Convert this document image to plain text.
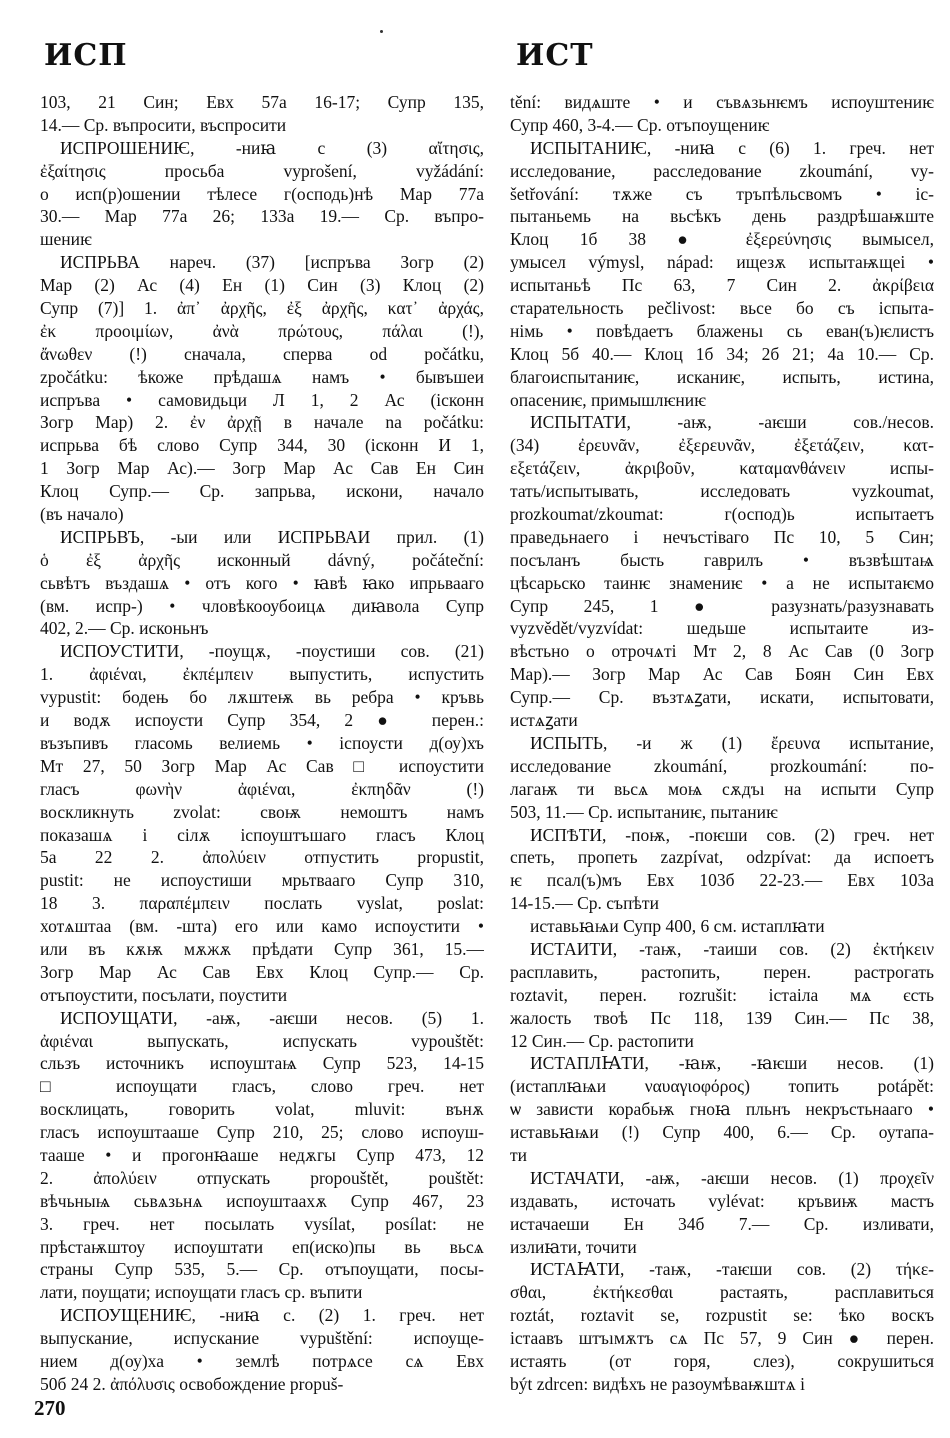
ИСП	ИСТ
103, 21 Син; Евх 57а 16-17; Супр 135,
14.— Ср. въпросити, въспросити
ИСПРОШЕНИѤ, -ниꙗ с (3) αἴτησις,
ἐξαίτησις просьба vyprošení, vyžádání:
о исп(р)ошении тѣлесе г(осподь)нѣ Мар 77а
30.— Мар 77а 26; 133а 19.— Ср. въпро-
шениѥ
ИСПРЬВА нареч. (37) [испръва Зогр (2)
Мар (2) Ас (4) Ен (1) Син (3) Клоц (2)
Супр (7)] 1. ἀπ᾽ ἀρχῆς, ἐξ ἀρχῆς, κατ᾽ ἀρχάς,
ἐκ προοιμίων, ἀνὰ πρώτους, πάλαι (!),
ἄνωθεν (!) сначала, сперва od počátku,
zpočátku: ѣкоже прѣдашѧ намъ • бывъшеи
испръва • самовидьци Л 1, 2 Ас (ісконн
Зогр Мар) 2. ἐν ἀρχῇ в начале na počátku:
испрьва бѣ слово Супр 344, 30 (ісконн И 1,
1 Зогр Мар Ас).— Зогр Мар Ас Сав Ен Син
Клоц Супр.— Ср. запрьва, искони, начало
(въ начало)
ИСПРЬВЪ, -ыи или ИСПРЬВАИ прил. (1)
ὁ ἐξ ἀρχῆς исконный dávný, počáteční:
сьвѣтъ въздашѧ • отъ кого • ꙗвѣ ꙗко ипрьвааго
(вм. испр-) • чловѣкооубоицѧ диꙗвола Супр
402, 2.— Ср. исконьнъ
ИСПОУСТИТИ, -поущѫ, -поустиши сов. (21)
1. ἀφιέναι, ἐκπέμπειν выпустить, испустить
vypustit: бодењ бо лѫштеѭ вь ребра • кръвь
и водѫ испоусти Супр 354, 2 ● перен.:
възъпивъ гласомь велиемь • іспоусти д(оу)хъ
Мт 27, 50 Зогр Мар Ас Сав □ испоустити
гласъ φωνὴν ἀφιέναι, ἐκπηδᾶν (!)
воскликнуть zvolat: своѭ немоштъ намъ
показашѧ і сілѫ іспоуштъшаго гласъ Клоц
5а 22 2. ἀπολύειν отпустить propustit,
pustit: не испоустиши мрьтвааго Супр 310,
18 3. παραπέμπειν послать vyslat, poslat:
хотѧштаа (вм. -шта) его или камо испоустити •
или въ кѫѭ мѫжѫ прѣдати Супр 361, 15.—
Зогр Мар Ас Сав Евх Клоц Супр.— Ср.
отъпоустити, посълати, поустити
ИСПОУЩАТИ, -аѭ, -аѥши несов. (5) 1.
ἀφιέναι выпускать, испускать vypouštět:
сльзъ источникъ испоуштаѩ Супр 523, 14-15
□ испоущати гласъ, слово греч. нет
восклицать, говорить volat, mluvit: вънѫ
гласъ испоуштааше Супр 210, 25; слово испоуш-
тааше • и прогонꙗаше недѫгы Супр 473, 12
2. ἀπολύειν отпускать propouštět, pouštět:
вѣчьныѩ сьвѧзьнѧ испоуштаахѫ Супр 467, 23
3. греч. нет посылать vysílat, posílat: не
прѣстаѭштоу испоуштати еп(иско)пы вь вьсѧ
страны Супр 535, 5.— Ср. отъпоущати, посы-
лати, поущати; испоущати гласъ ср. въпити
ИСПОУЩЕНИѤ, -ниꙗ с. (2) 1. греч. нет
выпускание, испускание vypuštění: испоуще-
нием д(оу)ха • землѣ потрѧсе сѧ Евх
50б 24 2. ἀπόλυσις освобождение propuš-
tění: видѧште • и съвѧзьнѥмъ испоуштениѥ
Супр 460, 3-4.— Ср. отъпоущениѥ
ИСПЫТАНИѤ, -ниꙗ с (6) 1. греч. нет
исследование, расследование zkoumání, vy-
šetřování: тѫже съ тръпѣльсвомъ • іс-
пытаньемь на вьсѣкъ день раздрѣшаѭште
Клоц 1б 38 ● ἐξερεύνησις вымысел,
умысел výmysl, nápad: ищезѫ испытаѭщеі •
испытаньѣ Пс 63, 7 Син 2. ἀκρίβεια
старательность pečlivost: вьсе бо съ іспыта-
німь • повѣдаетъ блаженьı сь еван(ъ)ѥлистъ
Клоц 5б 40.— Клоц 1б 34; 2б 21; 4а 10.— Ср.
благоиспытаниѥ, исканиѥ, испыть, истина,
опасениѥ, примышлѥниѥ
ИСПЫТАТИ, -аѭ, -аѥши сов./несов.
(34) ἐρευνᾶν, ἐξερευνᾶν, ἐξετάζειν, κατ-
εξετάζειν, ἀκριβοῦν, καταμανθάνειν испы-
тать/испытывать, исследовать vyzkoumat,
prozkoumat/zkoumat: г(оспод)ь испытаетъ
праведьнаего і нечъстіваго Пс 10, 5 Син;
посъланъ бысть гаврилъ • възвѣштаѩ
цѣсарьско таинѥ знамениѥ • а не испытаѥмо
Супр 245, 1 ● разузнать/разузнавать
vyzvědět/vyzvídat: шедьше испытаите из-
вѣстьно о отрочѧті Мт 2, 8 Ас Сав (0 Зогр
Мар).— Зогр Мар Ас Сав Боян Син Евх
Супр.— Ср. възтѧꙁати, искати, испытовати,
истѧꙁати
ИСПЫТЬ, -и ж (1) ἔρευνα испытание,
исследование zkoumání, prozkoumání: по-
лагаѭ ти вьсѧ моѩ сѫдъı на испыти Супр
503, 11.— Ср. испытаниѥ, пытаниѥ
ИСПѢТИ, -поѭ, -поѥши сов. (2) греч. нет
спеть, пропеть zazpívat, odzpívat: да испоетъ
ѥ псал(ъ)мъ Евх 103б 22-23.— Евх 103а
14-15.— Ср. съпѣти
иставьꙗѩи Супр 400, 6 см. истаплꙗти
ИСТАИТИ, -таѭ, -таиши сов. (2) ἐκτήκειν
расплавить, растопить, перен. растрогать
roztavit, перен. rozrušit: істаіла мѧ єсть
жалость твоѣ Пс 118, 139 Син.— Пс 38,
12 Син.— Ср. растопити
ИСТАПЛꙖТИ, -ꙗѭ, -ꙗѥши несов. (1)
(истаплꙗѩи ναυαγιοφόρος) топить potápět:
ѡ зависти корабьѭ гноꙗ пльнъ некръстьнааго •
иставьꙗѩи (!) Супр 400, 6.— Ср. оутапа-
ти
ИСТАЧАТИ, -аѭ, -аѥши несов. (1) προχεῖν
издавать, источать vylévat: кръвиѭ мастъ
истачаеши Ен 34б 7.— Ср. изливати,
излиꙗти, точити
ИСТАꙖТИ, -таѭ, -таѥши сов. (2) τήκε-
σθαι, ἐκτήκεσθαι растаять, расплавиться
roztát, roztavit se, rozpustit se: ѣко воскъ
істаавъ штъıмѫтъ сѧ Пс 57, 9 Син ● перен.
истаять (от горя, слез), сокрушиться
být zdrcen: видѣхъ не разоумѣваѭштѧ і
270
